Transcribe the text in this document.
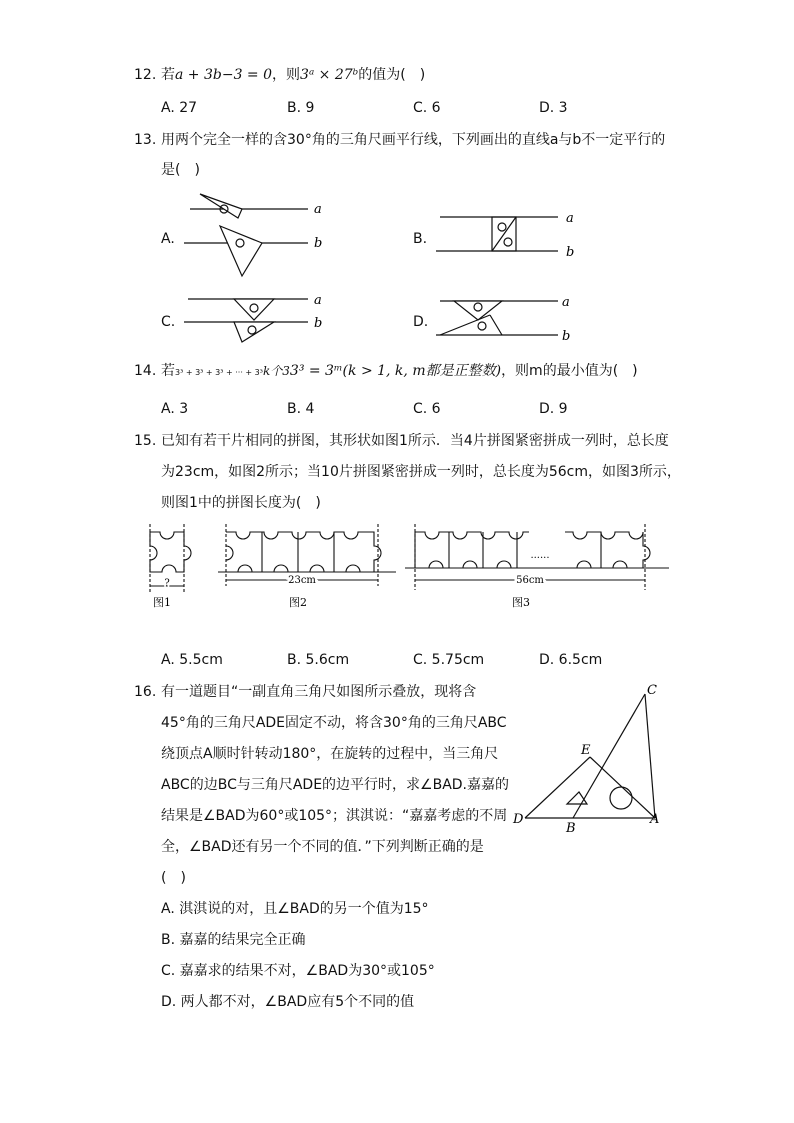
12. 若a + 3b−3 = 0，则3ᵃ × 27ᵇ的值为(　)
A. 27	B. 9	C. 6	D. 3
13. 用两个完全一样的含30°角的三角尺画平行线，下列画出的直线a与b不一定平行的
是(　)
A.	B.
C.	D.
a
b
a
b
a
b
a
b
14. 若3³ + 3³ + 3³ + ··· + 3³k个33³ = 3ᵐ(k > 1, k, m都是正整数)，则m的最小值为(　)
A. 3	B. 4	C. 6	D. 9
15. 已知有若干片相同的拼图，其形状如图1所示．当4片拼图紧密拼成一列时，总长度
为23cm，如图2所示；当10片拼图紧密拼成一列时，总长度为56cm，如图3所示，
则图1中的拼图长度为(　)
?
图1
23cm
图2
......
56cm
图3
A. 5.5cm	B. 5.6cm	C. 5.75cm	D. 6.5cm
16. 有一道题目“一副直角三角尺如图所示叠放，现将含
45°角的三角尺ADE固定不动，将含30°角的三角尺ABC
绕顶点A顺时针转动180°，在旋转的过程中，当三角尺
ABC的边BC与三角尺ADE的边平行时，求∠BAD.嘉嘉的
结果是∠BAD为60°或105°；淇淇说：“嘉嘉考虑的不周
全，∠BAD还有另一个不同的值．”下列判断正确的是
(　)
A. 淇淇说的对，且∠BAD的另一个值为15°
B. 嘉嘉的结果完全正确
C. 嘉嘉求的结果不对，∠BAD为30°或105°
D. 两人都不对，∠BAD应有5个不同的值
C
E
D
B
A
